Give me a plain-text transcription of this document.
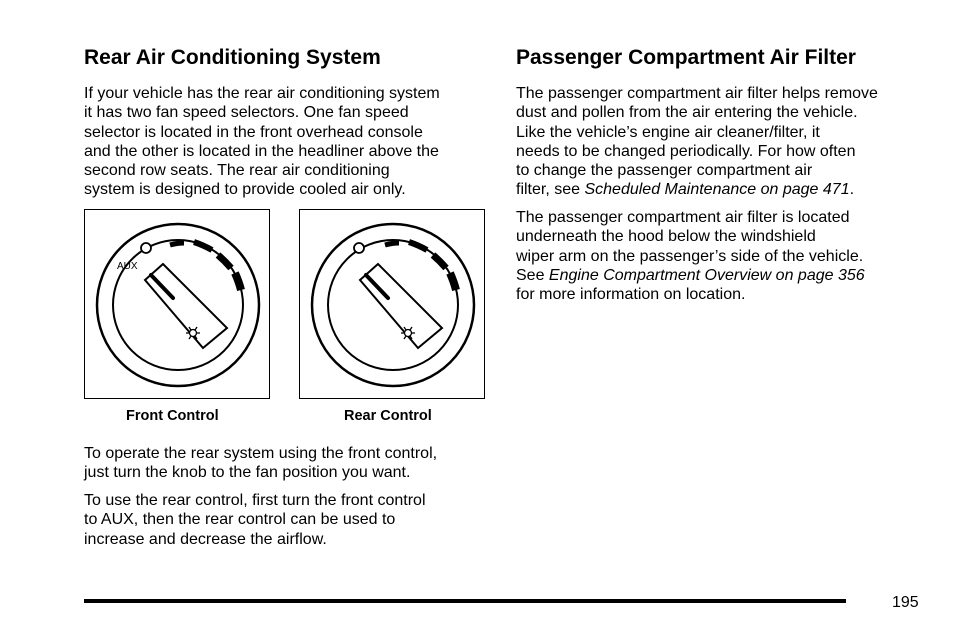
Rear Air Conditioning System

If your vehicle has the rear air conditioning system
it has two fan speed selectors. One fan speed
selector is located in the front overhead console
and the other is located in the headliner above the
second row seats. The rear air conditioning
system is designed to provide cooled air only.

AUX
Front Control	Rear Control

To operate the rear system using the front control,
just turn the knob to the fan position you want.

To use the rear control, first turn the front control
to AUX, then the rear control can be used to
increase and decrease the airflow.

Passenger Compartment Air Filter

The passenger compartment air filter helps remove
dust and pollen from the air entering the vehicle.
Like the vehicle’s engine air cleaner/filter, it
needs to be changed periodically. For how often
to change the passenger compartment air
filter, see Scheduled Maintenance on page 471.

The passenger compartment air filter is located
underneath the hood below the windshield
wiper arm on the passenger’s side of the vehicle.
See Engine Compartment Overview on page 356
for more information on location.

195
